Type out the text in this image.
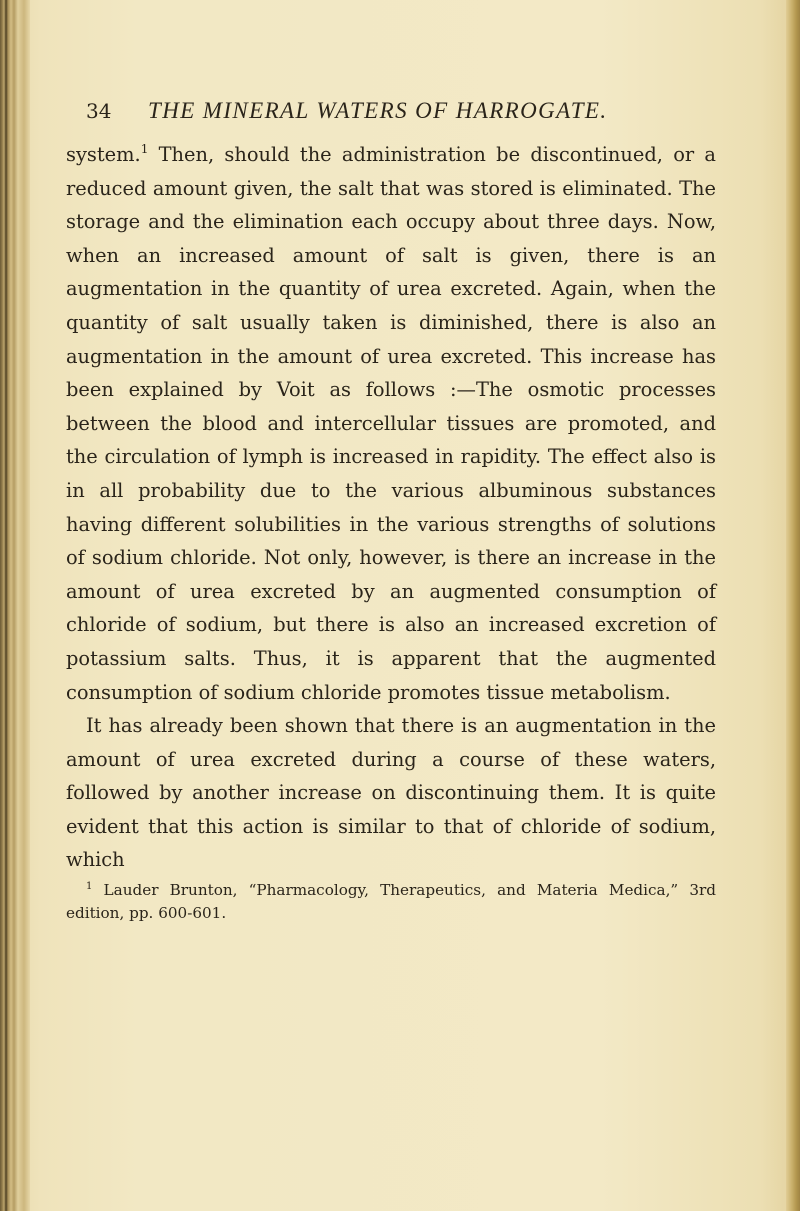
34	THE MINERAL WATERS OF HARROGATE.

system.$^1$ Then, should the administration be discontinued, or a reduced amount given, the salt that was stored is eliminated. The storage and the elimination each occupy about three days. Now, when an increased amount of salt is given, there is an augmentation in the quantity of urea excreted. Again, when the quantity of salt usually taken is diminished, there is also an augmentation in the amount of urea excreted. This increase has been explained by Voit as follows :—The osmotic processes between the blood and intercellular tissues are promoted, and the circulation of lymph is increased in rapidity. The effect also is in all probability due to the various albuminous substances having different solubilities in the various strengths of solutions of sodium chloride. Not only, however, is there an increase in the amount of urea excreted by an augmented consumption of chloride of sodium, but there is also an increased excretion of potassium salts. Thus, it is apparent that the augmented consumption of sodium chloride promotes tissue metabolism.

It has already been shown that there is an augmentation in the amount of urea excreted during a course of these waters, followed by another increase on discontinuing them. It is quite evident that this action is similar to that of chloride of sodium, which

$^1$ Lauder Brunton, “Pharmacology, Therapeutics, and Materia Medica,” 3rd edition, pp. 600-601.
